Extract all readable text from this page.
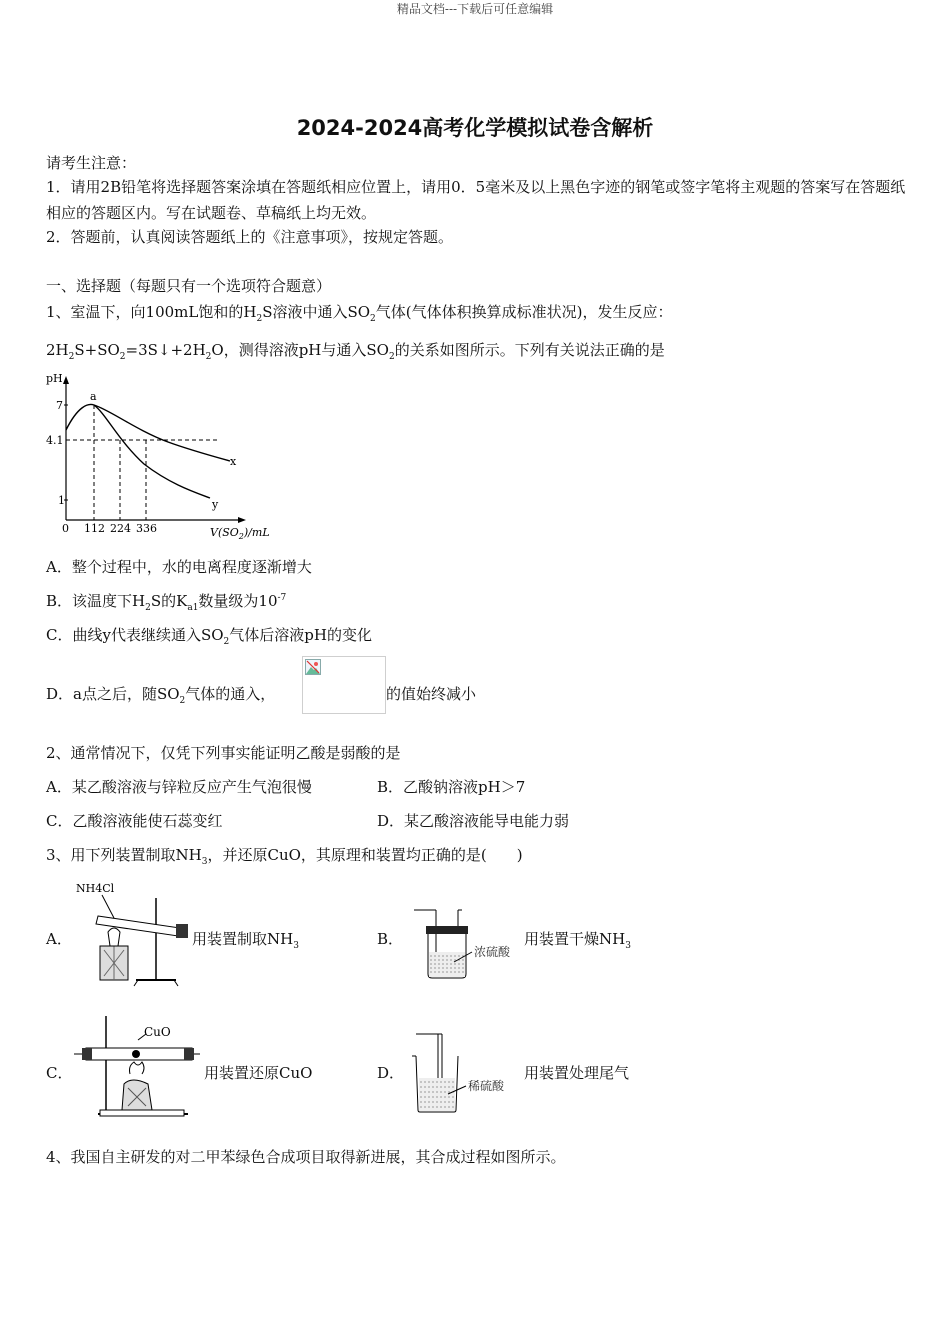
精品文档---下载后可任意编辑
2024-2024高考化学模拟试卷含解析
请考生注意：
1．请用2B铅笔将选择题答案涂填在答题纸相应位置上，请用0．5毫米及以上黑色字迹的钢笔或签字笔将主观题的答案写在答题纸相应的答题区内。写在试题卷、草稿纸上均无效。
2．答题前，认真阅读答题纸上的《注意事项》，按规定答题。
一、选择题（每题只有一个选项符合题意）
1、室温下，向100mL饱和的$H_2S$溶液中通入$SO_2$气体(气体体积换算成标准状况)，发生反应：
$2H_2S+SO_2=3S↓+2H_2O$，测得溶液pH与通入$SO_2$的关系如图所示。下列有关说法正确的是
pH
7
4.1
1
0 112 224 336	$V(SO_2)/mL$
a
x
y
A．整个过程中，水的电离程度逐渐增大
B．该温度下$H_2S$的$K_{a1}$数量级为$10^{-7}$
C．曲线y代表继续通入$SO_2$气体后溶液pH的变化
D．a点之后，随$SO_2$气体的通入，	的值始终减小
2、通常情况下，仅凭下列事实能证明乙酸是弱酸的是
A．某乙酸溶液与锌粒反应产生气泡很慢	B．乙酸钠溶液pH＞7
C．乙酸溶液能使石蕊变红	D．某乙酸溶液能导电能力弱
3、用下列装置制取$NH_3$，并还原CuO，其原理和装置均正确的是(　　)
A．
NH4Cl
用装置制取$NH_3$	B．
浓硫酸
用装置干燥$NH_3$
C．
CuO
用装置还原CuO	D．
稀硫酸
用装置处理尾气
4、我国自主研发的对二甲苯绿色合成项目取得新进展，其合成过程如图所示。
